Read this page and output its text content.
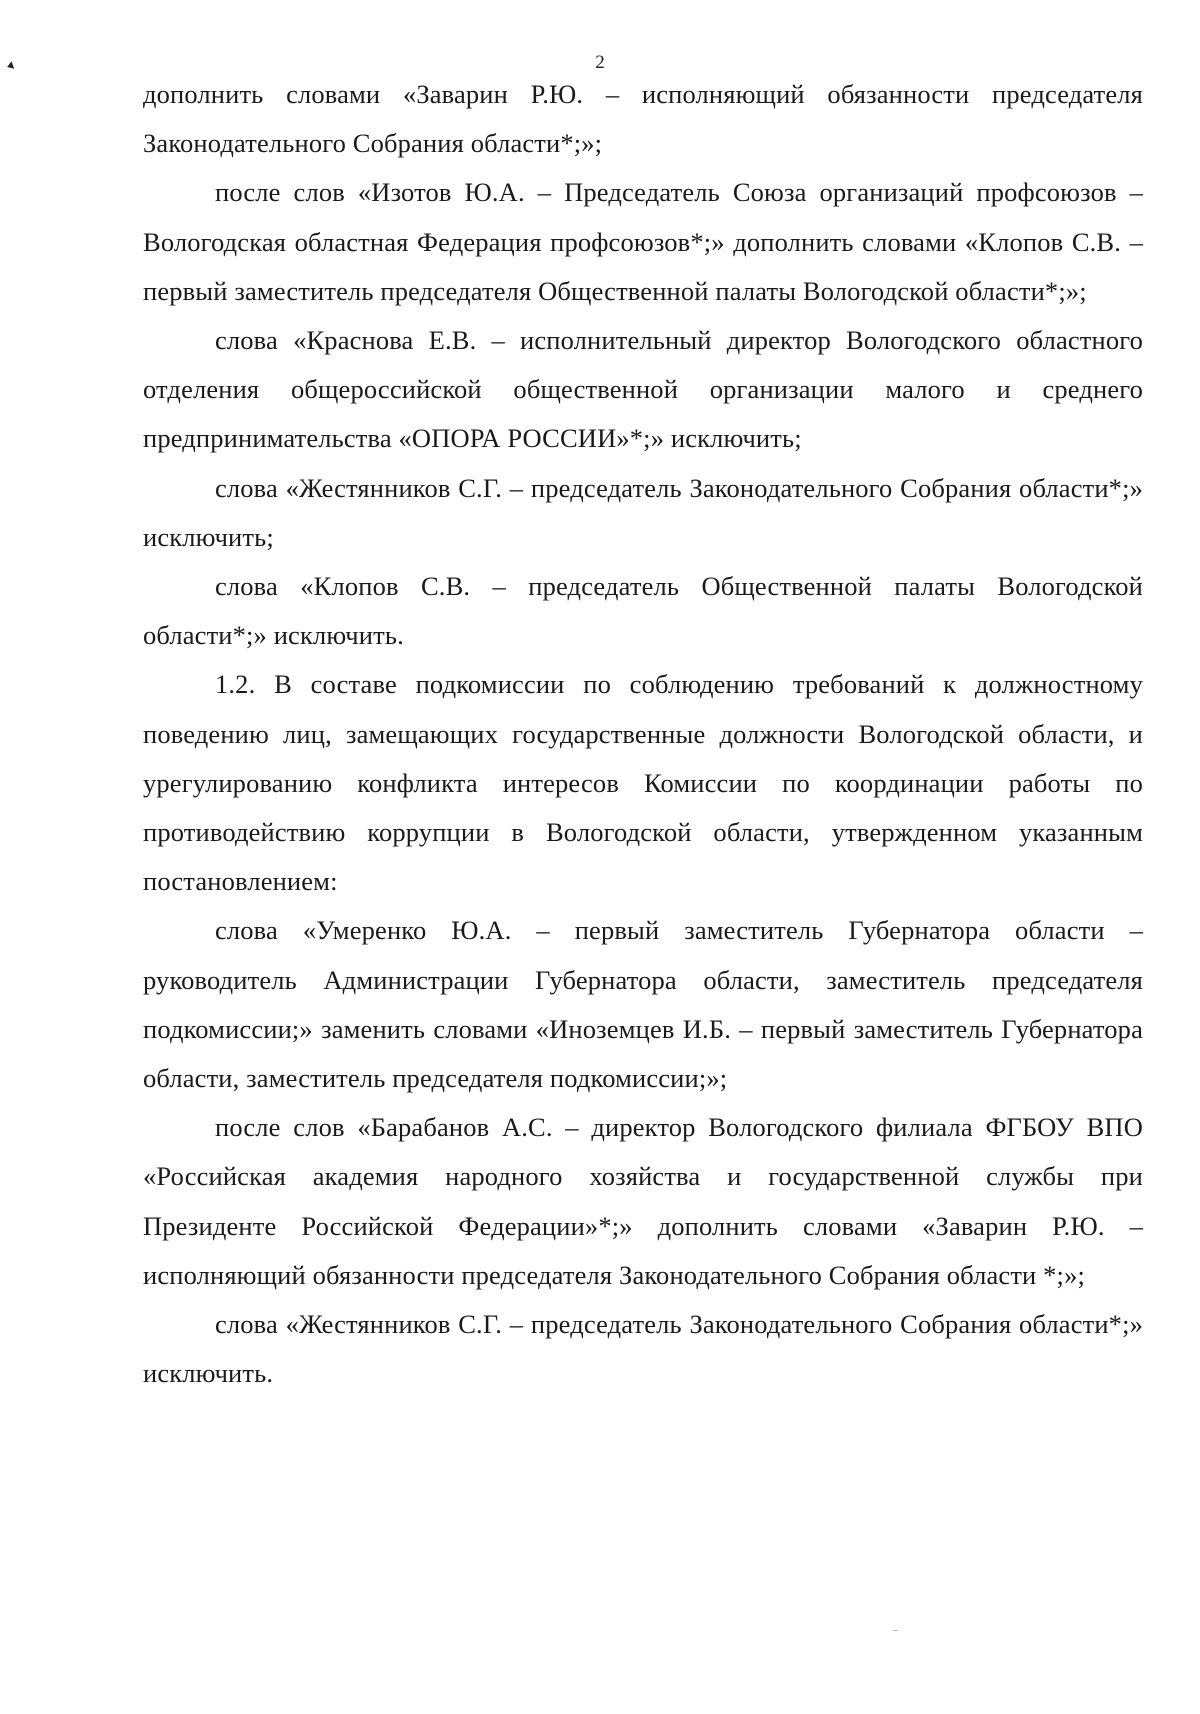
2

дополнить словами «Заварин Р.Ю. – исполняющий обязанности председателя Законодательного Собрания области*;»;

после слов «Изотов Ю.А. – Председатель Союза организаций профсоюзов – Вологодская областная Федерация профсоюзов*;» дополнить словами «Клопов С.В. – первый заместитель председателя Общественной палаты Вологодской области*;»;

слова «Краснова Е.В. – исполнительный директор Вологодского областного отделения общероссийской общественной организации малого и среднего предпринимательства «ОПОРА РОССИИ»*;» исключить;

слова «Жестянников С.Г. – председатель Законодательного Собрания области*;» исключить;

слова «Клопов С.В. – председатель Общественной палаты Вологодской области*;» исключить.

1.2. В составе подкомиссии по соблюдению требований к должностному поведению лиц, замещающих государственные должности Вологодской области, и урегулированию конфликта интересов Комиссии по координации работы по противодействию коррупции в Вологодской области, утвержденном указанным постановлением:

слова «Умеренко Ю.А. – первый заместитель Губернатора области – руководитель Администрации Губернатора области, заместитель председателя подкомиссии;» заменить словами «Иноземцев И.Б. – первый заместитель Губернатора области, заместитель председателя подкомиссии;»;

после слов «Барабанов А.С. – директор Вологодского филиала ФГБОУ ВПО «Российская академия народного хозяйства и государственной службы при Президенте Российской Федерации»*;» дополнить словами «Заварин Р.Ю. – исполняющий обязанности председателя Законодательного Собрания области *;»;

слова «Жестянников С.Г. – председатель Законодательного Собрания области*;» исключить.
